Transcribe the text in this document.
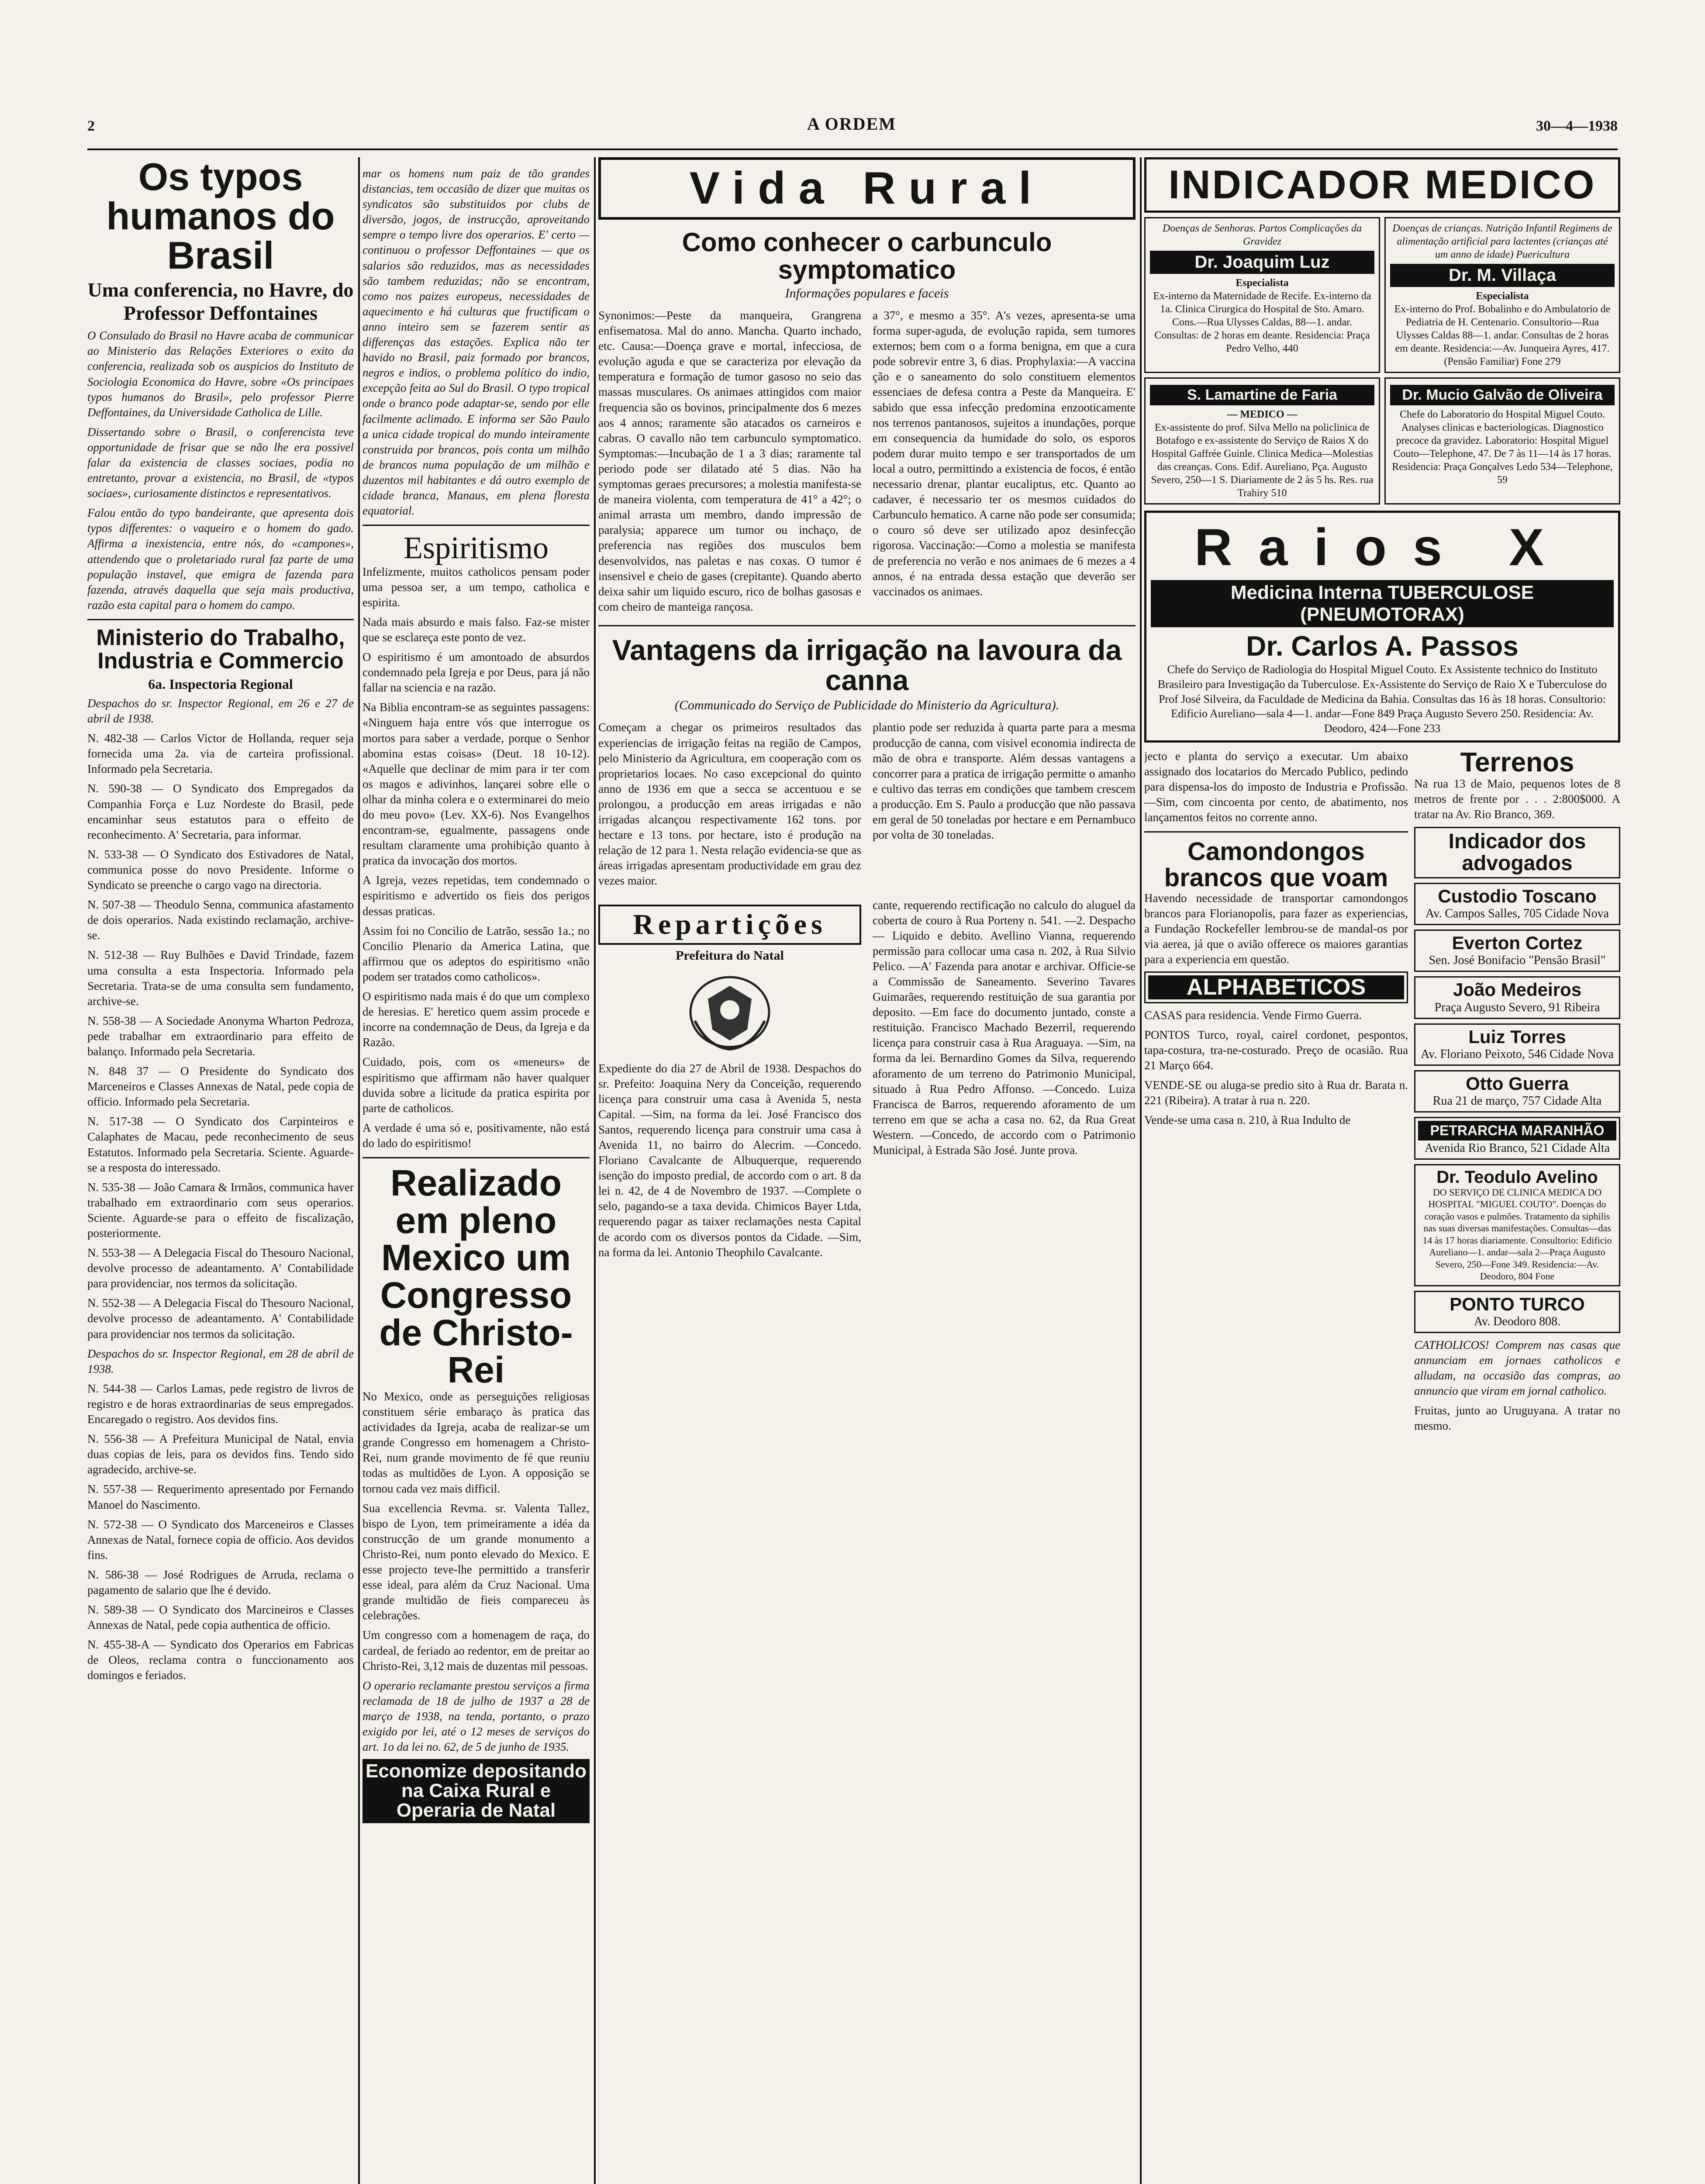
2	A ORDEM	30—4—1938
Os typos humanos do Brasil
Uma conferencia, no Havre, do Professor Deffontaines

O Consulado do Brasil no Havre acaba de communicar ao Ministerio das Relações Exteriores o exito da conferencia, realizada sob os auspicios do Instituto de Sociologia Economica do Havre, sobre «Os principaes typos humanos do Brasil», pelo professor Pierre Deffontaines, da Universidade Catholica de Lille.

Dissertando sobre o Brasil, o conferencista teve opportunidade de frisar que se não lhe era possivel falar da existencia de classes sociaes, podia no entretanto, provar a existencia, no Brasil, de «typos sociaes», curiosamente distinctos e representativos.

Falou então do typo bandeirante, que apresenta dois typos differentes: o vaqueiro e o homem do gado. Affirma a inexistencia, entre nós, do «campones», attendendo que o proletariado rural faz parte de uma população instavel, que emigra de fazenda para fazenda, através daquella que seja mais productiva, razão esta capital para o homem do campo.

Ministerio do Trabalho, Industria e Commercio
6a. Inspectoria Regional

Despachos do sr. Inspector Regional, em 26 e 27 de abril de 1938.

N. 482-38 — Carlos Victor de Hollanda, requer seja fornecida uma 2a. via de carteira profissional. Informado pela Secretaria.

N. 590-38 — O Syndicato dos Empregados da Companhia Força e Luz Nordeste do Brasil, pede encaminhar seus estatutos para o effeito de reconhecimento. A' Secretaria, para informar.

N. 533-38 — O Syndicato dos Estivadores de Natal, communica posse do novo Presidente. Informe o Syndicato se preenche o cargo vago na directoria.

N. 507-38 — Theodulo Senna, communica afastamento de dois operarios. Nada existindo reclamação, archive-se.

N. 512-38 — Ruy Bulhões e David Trindade, fazem uma consulta a esta Inspectoria. Informado pela Secretaria. Trata-se de uma consulta sem fundamento, archive-se.

N. 558-38 — A Sociedade Anonyma Wharton Pedroza, pede trabalhar em extraordinario para effeito de balanço. Informado pela Secretaria.

N. 848 37 — O Presidente do Syndicato dos Marceneiros e Classes Annexas de Natal, pede copia de officio. Informado pela Secretaria.

N. 517-38 — O Syndicato dos Carpinteiros e Calaphates de Macau, pede reconhecimento de seus Estatutos. Informado pela Secretaria. Sciente. Aguarde-se a resposta do interessado.

N. 535-38 — João Camara & Irmãos, communica haver trabalhado em extraordinario com seus operarios. Sciente. Aguarde-se para o effeito de fiscalização, posteriormente.

N. 553-38 — A Delegacia Fiscal do Thesouro Nacional, devolve processo de adeantamento. A' Contabilidade para providenciar, nos termos da solicitação.

N. 552-38 — A Delegacia Fiscal do Thesouro Nacional, devolve processo de adeantamento. A' Contabilidade para providenciar nos termos da solicitação.

Despachos do sr. Inspector Regional, em 28 de abril de 1938.

N. 544-38 — Carlos Lamas, pede registro de livros de registro e de horas extraordinarias de seus empregados. Encaregado o registro. Aos devidos fins.

N. 556-38 — A Prefeitura Municipal de Natal, envia duas copias de leis, para os devidos fins. Tendo sido agradecido, archive-se.

N. 557-38 — Requerimento apresentado por Fernando Manoel do Nascimento.

N. 572-38 — O Syndicato dos Marceneiros e Classes Annexas de Natal, fornece copia de officio. Aos devidos fins.

N. 586-38 — José Rodrigues de Arruda, reclama o pagamento de salario que lhe é devido.

N. 589-38 — O Syndicato dos Marcineiros e Classes Annexas de Natal, pede copia authentica de officio.

N. 455-38-A — Syndicato dos Operarios em Fabricas de Oleos, reclama contra o funccionamento aos domingos e feriados.

mar os homens num paiz de tão grandes distancias, tem occasião de dizer que muitas os syndicatos são substituidos por clubs de diversão, jogos, de instrucção, aproveitando sempre o tempo livre dos operarios. E' certo — continuou o professor Deffontaines — que os salarios são reduzidos, mas as necessidades são tambem reduzidas; não se encontram, como nos paizes europeus, necessidades de aquecimento e há culturas que fructificam o anno inteiro sem se fazerem sentir as differenças das estações. Explica não ter havido no Brasil, paiz formado por brancos, negros e indios, o problema político do indio, excepção feita ao Sul do Brasil. O typo tropical onde o branco pode adaptar-se, sendo por elle facilmente aclimado. E informa ser São Paulo a unica cidade tropical do mundo inteiramente construida por brancos, pois conta um milhão de brancos numa população de um milhão e duzentos mil habitantes e dá outro exemplo de cidade branca, Manaus, em plena floresta equatorial.

Espiritismo

Infelizmente, muitos catholicos pensam poder uma pessoa ser, a um tempo, catholica e espirita.

Nada mais absurdo e mais falso. Faz-se mister que se esclareça este ponto de vez.

O espiritismo é um amontoado de absurdos condemnado pela Igreja e por Deus, para já não fallar na sciencia e na razão.

Na Biblia encontram-se as seguintes passagens: «Ninguem haja entre vós que interrogue os mortos para saber a verdade, porque o Senhor abomina estas coisas» (Deut. 18 10-12). «Aquelle que declinar de mim para ir ter com os magos e adivinhos, lançarei sobre elle o olhar da minha colera e o exterminarei do meio do meu povo» (Lev. XX-6). Nos Evangelhos encontram-se, egualmente, passagens onde resultam claramente uma prohibição quanto à pratica da invocação dos mortos.

A Igreja, vezes repetidas, tem condemnado o espiritismo e advertido os fieis dos perigos dessas praticas.

Assim foi no Concilio de Latrão, sessão 1a.; no Concilio Plenario da America Latina, que affirmou que os adeptos do espiritismo «não podem ser tratados como catholicos».

O espiritismo nada mais é do que um complexo de heresias. E' heretico quem assim procede e incorre na condemnação de Deus, da Igreja e da Razão.

Cuidado, pois, com os «meneurs» de espiritismo que affirmam não haver qualquer duvida sobre a licitude da pratica espirita por parte de catholicos.

A verdade é uma só e, positivamente, não está do lado do espiritismo!

Realizado em pleno Mexico um Congresso de Christo-Rei

No Mexico, onde as perseguições religiosas constituem série embaraço às pratica das actividades da Igreja, acaba de realizar-se um grande Congresso em homenagem a Christo-Rei, num grande movimento de fé que reuniu todas as multidões de Lyon. A opposição se tornou cada vez mais difficil.

Sua excellencia Revma. sr. Valenta Tallez, bispo de Lyon, tem primeiramente a idéa da construcção de um grande monumento a Christo-Rei, num ponto elevado do Mexico. E esse projecto teve-lhe permittido a transferir esse ideal, para além da Cruz Nacional. Uma grande multidão de fieis compareceu às celebrações.

Um congresso com a homenagem de raça, do cardeal, de feriado ao redentor, em de preitar ao Christo-Rei, 3,12 mais de duzentas mil pessoas.

O operario reclamante prestou serviços a firma reclamada de 18 de julho de 1937 a 28 de março de 1938, na tenda, portanto, o prazo exigido por lei, até o 12 meses de serviços do art. 1o da lei no. 62, de 5 de junho de 1935.

Economize depositando na Caixa Rural e Operaria de Natal
Vida Rural
Como conhecer o carbunculo symptomatico
Informações populares e faceis

Synonimos:—Peste da manqueira, Grangrena enfisematosa. Mal do anno. Mancha. Quarto inchado, etc. Causa:—Doença grave e mortal, infecciosa, de evolução aguda e que se caracteriza por elevação da temperatura e formação de tumor gasoso no seio das massas musculares. Os animaes attingidos com maior frequencia são os bovinos, principalmente dos 6 mezes aos 4 annos; raramente são atacados os carneiros e cabras. O cavallo não tem carbunculo symptomatico. Symptomas:—Incubação de 1 a 3 dias; raramente tal periodo pode ser dilatado até 5 dias. Não ha symptomas geraes precursores; a molestia manifesta-se de maneira violenta, com temperatura de 41° a 42°; o animal arrasta um membro, dando impressão de paralysia; apparece um tumor ou inchaço, de preferencia nas regiões dos musculos bem desenvolvidos, nas paletas e nas coxas. O tumor é insensivel e cheio de gases (crepitante). Quando aberto deixa sahir um liquido escuro, rico de bolhas gasosas e com cheiro de manteiga rançosa.

a 37°, e mesmo a 35°. A's vezes, apresenta-se uma forma super-aguda, de evolução rapida, sem tumores externos; bem com o a forma benigna, em que a cura pode sobrevir entre 3, 6 dias. Prophylaxia:—A vaccina ção e o saneamento do solo constituem elementos essenciaes de defesa contra a Peste da Manqueira. E' sabido que essa infecção predomina enzooticamente nos terrenos pantanosos, sujeitos a inundações, porque em consequencia da humidade do solo, os esporos podem durar muito tempo e ser transportados de um local a outro, permittindo a existencia de focos, é então necessario drenar, plantar eucaliptus, etc. Quanto ao cadaver, é necessario ter os mesmos cuidados do Carbunculo hematico. A carne não pode ser consumida; o couro só deve ser utilizado apoz desinfecção rigorosa. Vaccinação:—Como a molestia se manifesta de preferencia no verão e nos animaes de 6 mezes a 4 annos, é na entrada dessa estação que deverão ser vaccinados os animaes.

Vantagens da irrigação na lavoura da canna
(Communicado do Serviço de Publicidade do Ministerio da Agricultura).

Começam a chegar os primeiros resultados das experiencias de irrigação feitas na região de Campos, pelo Ministerio da Agricultura, em cooperação com os proprietarios locaes. No caso excepcional do quinto anno de 1936 em que a secca se accentuou e se prolongou, a producção em areas irrigadas e não irrigadas alcançou respectivamente 162 tons. por hectare e 13 tons. por hectare, isto é produção na relação de 12 para 1. Nesta relação evidencia-se que as áreas irrigadas apresentam productividade em grau dez vezes maior.

plantio pode ser reduzida à quarta parte para a mesma producção de canna, com visivel economia indirecta de mão de obra e transporte. Além dessas vantagens a concorrer para a pratica de irrigação permitte o amanho e cultivo das terras em condições que tambem crescem a producção. Em S. Paulo a producção que não passava em geral de 50 toneladas por hectare e em Pernambuco por volta de 30 toneladas.

Repartições
Prefeitura do Natal

Expediente do dia 27 de Abril de 1938. Despachos do sr. Prefeito: Joaquina Nery da Conceição, requerendo licença para construir uma casa à Avenida 5, nesta Capital. —Sim, na forma da lei. José Francisco dos Santos, requerendo licença para construir uma casa à Avenida 11, no bairro do Alecrim. —Concedo. Floriano Cavalcante de Albuquerque, requerendo isenção do imposto predial, de accordo com o art. 8 da lei n. 42, de 4 de Novembro de 1937. —Complete o selo, pagando-se a taxa devida. Chimicos Bayer Ltda, requerendo pagar as taixer reclamações nesta Capital de acordo com os diversos pontos da Cidade. —Sim, na forma da lei. Antonio Theophilo Cavalcante.

cante, requerendo rectificação no calculo do aluguel da coberta de couro à Rua Porteny n. 541. —2. Despacho — Liquido e debito. Avellino Vianna, requerendo permissão para collocar uma casa n. 202, à Rua Silvio Pelico. —A' Fazenda para anotar e archivar. Officie-se a Commissão de Saneamento. Severino Tavares Guimarães, requerendo restituição de sua garantia por deposito. —Em face do documento juntado, conste a restituição. Francisco Machado Bezerril, requerendo licença para construir casa à Rua Araguaya. —Sim, na forma da lei. Bernardino Gomes da Silva, requerendo aforamento de um terreno do Patrimonio Municipal, situado à Rua Pedro Affonso. —Concedo. Luiza Francisca de Barros, requerendo aforamento de um terreno em que se acha a casa no. 62, da Rua Great Western. —Concedo, de accordo com o Patrimonio Municipal, à Estrada São José. Junte prova.

INDICADOR MEDICO
Doenças de Senhoras. Partos Complicações da Gravidez
Dr. Joaquim Luz
Especialista
Ex-interno da Maternidade de Recife. Ex-interno da 1a. Clinica Cirurgica do Hospital de Sto. Amaro. Cons.—Rua Ulysses Caldas, 88—1. andar. Consultas: de 2 horas em deante. Residencia: Praça Pedro Velho, 440
Doenças de crianças. Nutrição Infantil Regimens de alimentação artificial para lactentes (crianças até um anno de idade) Puericultura
Dr. M. Villaça
Especialista
Ex-interno do Prof. Bobalinho e do Ambulatorio de Pediatria de H. Centenario. Consultorio—Rua Ulysses Caldas 88—1. andar. Consultas de 2 horas em deante. Residencia:—Av. Junqueira Ayres, 417. (Pensão Familiar) Fone 279
S. Lamartine de Faria
— MEDICO —
Ex-assistente do prof. Silva Mello na policlinica de Botafogo e ex-assistente do Serviço de Raios X do Hospital Gaffrée Guinle. Clinica Medica—Molestias das creanças. Cons. Edif. Aureliano, Pça. Augusto Severo, 250—1 S. Diariamente de 2 às 5 hs. Res. rua Trahiry 510
Dr. Mucio Galvão de Oliveira
Chefe do Laboratorio do Hospital Miguel Couto. Analyses clinicas e bacteriologicas. Diagnostico precoce da gravidez. Laboratorio: Hospital Miguel Couto—Telephone, 47. De 7 às 11—14 às 17 horas. Residencia: Praça Gonçalves Ledo 534—Telephone, 59
Raios X
Medicina Interna TUBERCULOSE (PNEUMOTORAX)
Dr. Carlos A. Passos
Chefe do Serviço de Radiologia do Hospital Miguel Couto. Ex Assistente technico do Instituto Brasileiro para Investigação da Tuberculose. Ex-Assistente do Serviço de Raio X e Tuberculose do Prof José Silveira, da Faculdade de Medicina da Bahia. Consultas das 16 às 18 horas. Consultorio: Edificio Aureliano—sala 4—1. andar—Fone 849 Praça Augusto Severo 250. Residencia: Av. Deodoro, 424—Fone 233

jecto e planta do serviço a executar. Um abaixo assignado dos locatarios do Mercado Publico, pedindo para dispensa-los do imposto de Industria e Profissão. —Sim, com cincoenta por cento, de abatimento, nos lançamentos feitos no corrente anno.

Camondongos brancos que voam

Havendo necessidade de transportar camondongos brancos para Florianopolis, para fazer as experiencias, a Fundação Rockefeller lembrou-se de mandal-os por via aerea, já que o avião offerece os maiores garantias para a experiencia em questão.

ALPHABETICOS

CASAS para residencia. Vende Firmo Guerra.

PONTOS Turco, royal, cairel cordonet, pespontos, tapa-costura, tra-ne-costurado. Preço de ocasião. Rua 21 Março 664.

VENDE-SE ou aluga-se predio sito à Rua dr. Barata n. 221 (Ribeira). A tratar à rua n. 220.

Vende-se uma casa n. 210, à Rua Indulto de

Terrenos

Na rua 13 de Maio, pequenos lotes de 8 metros de frente por . . . 2:800$000. A tratar na Av. Rio Branco, 369.

Indicador dos advogados
Custodio Toscano
Av. Campos Salles, 705 Cidade Nova
Everton Cortez
Sen. José Bonifacio "Pensão Brasil"
João Medeiros
Praça Augusto Severo, 91 Ribeira
Luiz Torres
Av. Floriano Peixoto, 546 Cidade Nova
Otto Guerra
Rua 21 de março, 757 Cidade Alta
PETRARCHA MARANHÃO
Avenida Rio Branco, 521 Cidade Alta
Dr. Teodulo Avelino
DO SERVIÇO DE CLINICA MEDICA DO HOSPITAL "MIGUEL COUTO". Doenças do coração vasos e pulmões. Tratamento da siphilis nas suas diversas manifestações. Consultas—das 14 às 17 horas diariamente. Consultorio: Edificio Aureliano—1. andar—sala 2—Praça Augusto Severo, 250—Fone 349. Residencia:—Av. Deodoro, 804 Fone
PONTO TURCO
Av. Deodoro 808.

CATHOLICOS! Comprem nas casas que annunciam em jornaes catholicos e alludam, na occasião das compras, ao annuncio que viram em jornal catholico.

Fruitas, junto ao Uruguyana. A tratar no mesmo.
